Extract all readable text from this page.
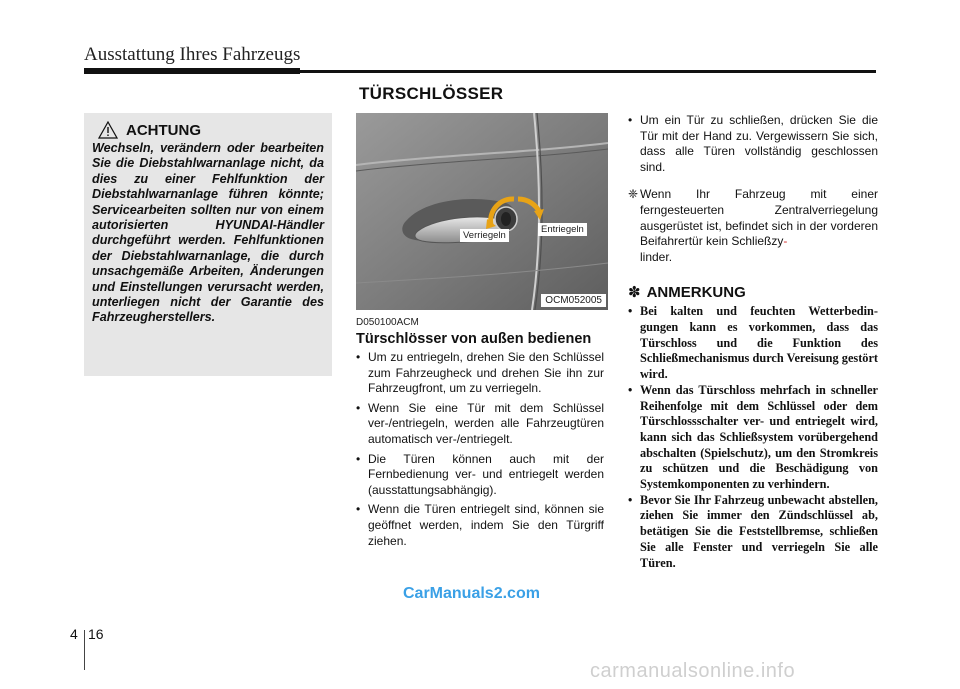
Ausstattung Ihres Fahrzeugs
TÜRSCHLÖSSER
ACHTUNG

Wechseln, verändern oder bearbeiten Sie die Diebstahlwarnanlage nicht, da dies zu einer Fehlfunktion der Diebstahlwarnanlage führen könnte; Servicearbeiten sollten nur von einem autorisierten HYUNDAI-Händler durchgeführt werden. Fehlfunktionen der Diebstahlwarnanlage, die durch unsachgemäße Arbeiten, Änderungen und Einstellungen verursacht werden, unterliegen nicht der Garantie des Fahrzeugherstellers.

Verriegeln
Entriegeln
OCM052005
D050100ACM
Türschlösser von außen bedienen
• Um zu entriegeln, drehen Sie den Schlüssel zum Fahrzeugheck und drehen Sie ihn zur Fahrzeugfront, um zu verriegeln.
• Wenn Sie eine Tür mit dem Schlüssel ver-/entriegeln, werden alle Fahrzeugtüren automatisch ver-/entriegelt.
• Die Türen können auch mit der Fernbedienung ver- und entriegelt werden (ausstattungsabhängig).
• Wenn die Türen entriegelt sind, können sie geöffnet werden, indem Sie den Türgriff ziehen.

• Um ein Tür zu schließen, drücken Sie die Tür mit der Hand zu. Vergewissern Sie sich, dass alle Türen vollständig geschlossen sind.

❈ Wenn Ihr Fahrzeug mit einer ferngesteuerten Zentralverriegelung ausgerüstet ist, befindet sich in der vorderen Beifahrertür kein Schließzy-
linder.

✽ ANMERKUNG
• Bei kalten und feuchten Wetterbedin- gungen kann es vorkommen, dass das Türschloss und die Funktion des Schließmechanismus durch Vereisung gestört wird.
• Wenn das Türschloss mehrfach in schneller Reihenfolge mit dem Schlüssel oder dem Türschlossschalter ver- und entriegelt wird, kann sich das Schließsystem vorübergehend abschalten (Spielschutz), um den Stromkreis zu schützen und die Beschädigung von Systemkomponenten zu verhindern.
• Bevor Sie Ihr Fahrzeug unbewacht abstellen, ziehen Sie immer den Zündschlüssel ab, betätigen Sie die Feststellbremse, schließen Sie alle Fenster und verriegeln Sie alle Türen.
CarManuals2.com
4 16
carmanualsonline.info
